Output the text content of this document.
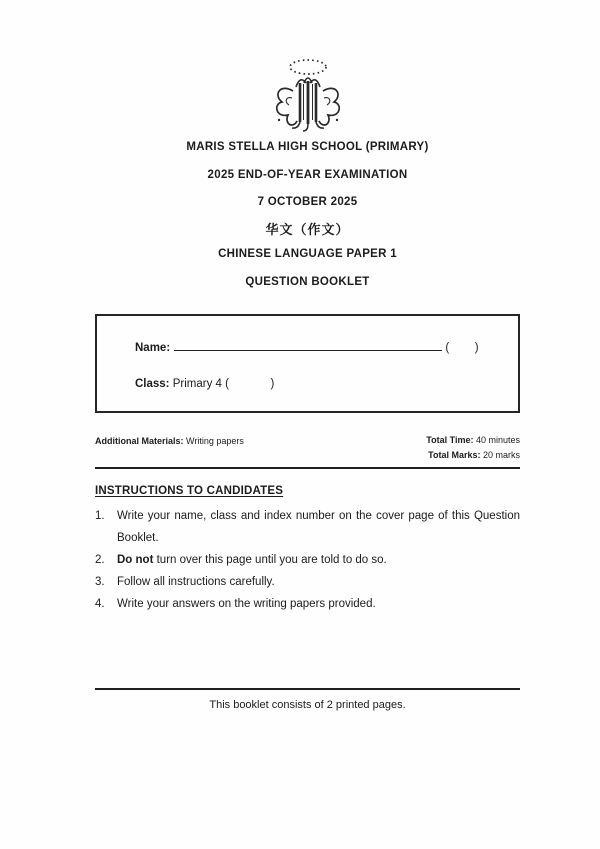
MARIS STELLA HIGH SCHOOL (PRIMARY)
2025 END-OF-YEAR EXAMINATION
7 OCTOBER 2025
华文（作文）
CHINESE LANGUAGE PAPER 1
QUESTION BOOKLET
Name:	(        )
Class: Primary 4 (             )
Additional Materials: Writing papers	Total Time: 40 minutes
Total Marks: 20 marks
INSTRUCTIONS TO CANDIDATES
1.	Write your name, class and index number on the cover page of this Question Booklet.
2.	Do not turn over this page until you are told to do so.
3.	Follow all instructions carefully.
4.	Write your answers on the writing papers provided.
This booklet consists of 2 printed pages.
